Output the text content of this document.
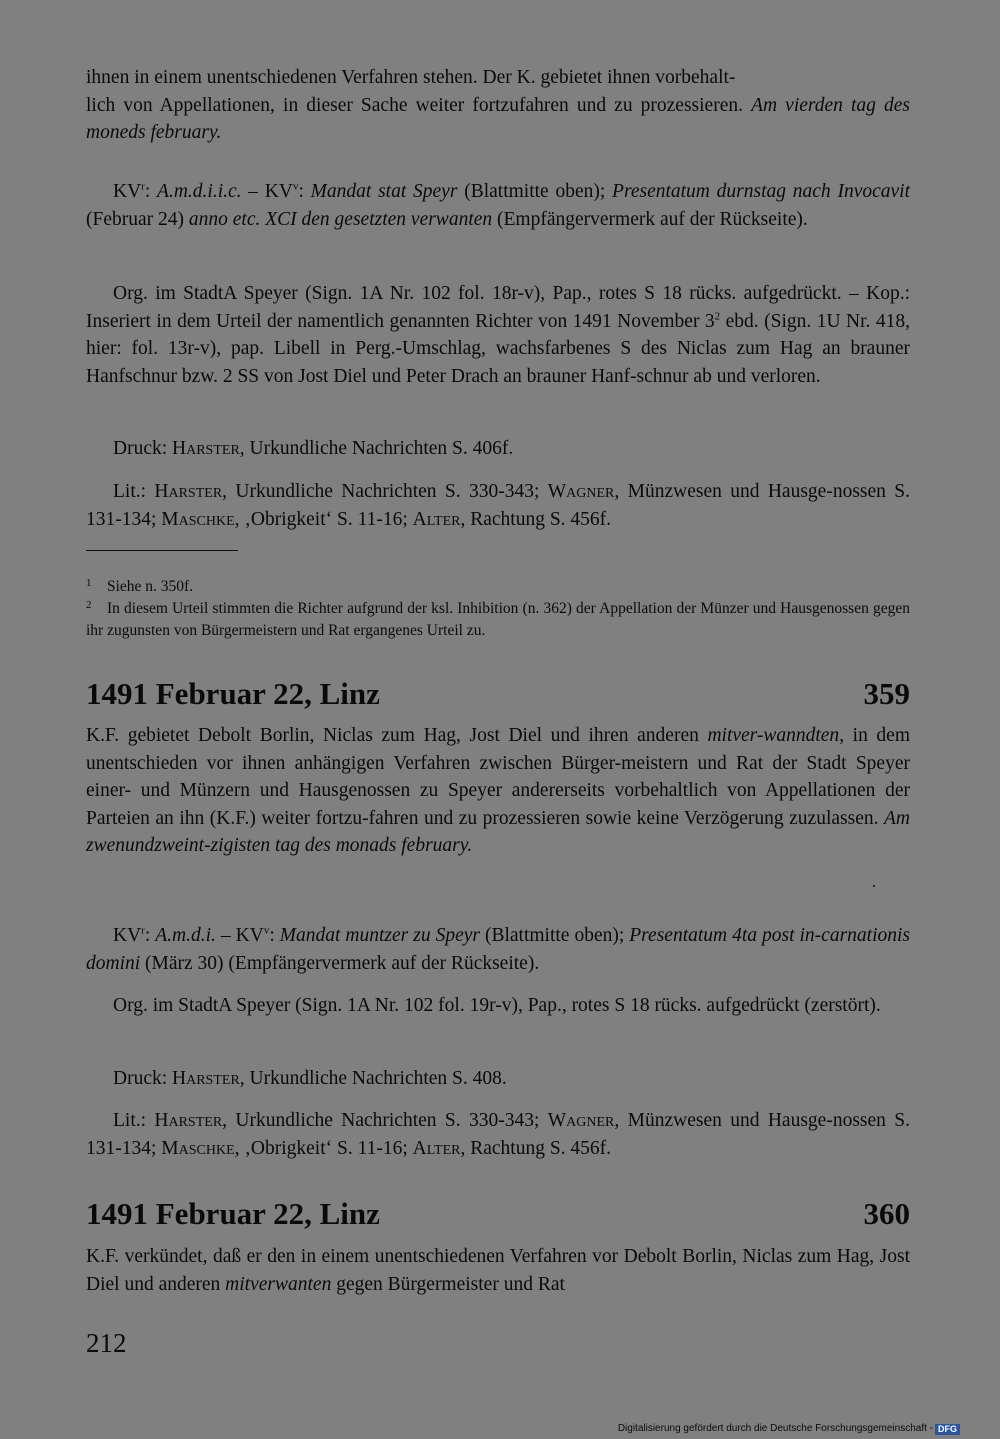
ihnen in einem unentschiedenen Verfahren stehen. Der K. gebietet ihnen vorbehalt-
lich von Appellationen, in dieser Sache weiter fortzufahren und zu prozessieren. Am vierden tag des moneds february.

$KV^r$: A.m.d.i.i.c. – $KV^v$: Mandat stat Speyr (Blattmitte oben); Presentatum durnstag nach Invocavit (Februar 24) anno etc. XCI den gesetzten verwanten (Empfängervermerk auf der Rückseite).

Org. im StadtA Speyer (Sign. 1A Nr. 102 fol. 18r-v), Pap., rotes S 18 rücks. aufgedrückt. – Kop.: Inseriert in dem Urteil der namentlich genannten Richter von 1491 November $3^2$ ebd. (Sign. 1U Nr. 418, hier: fol. 13r-v), pap. Libell in Perg.-Umschlag, wachsfarbenes S des Niclas zum Hag an brauner Hanfschnur bzw. 2 SS von Jost Diel und Peter Drach an brauner Hanf-schnur ab und verloren.

Druck: Harster, Urkundliche Nachrichten S. 406f.

Lit.: Harster, Urkundliche Nachrichten S. 330-343; Wagner, Münzwesen und Hausge-nossen S. 131-134; Maschke, ‚Obrigkeit‘ S. 11-16; Alter, Rachtung S. 456f.

1 Siehe n. 350f.
2	In diesem Urteil stimmten die Richter aufgrund der ksl. Inhibition (n. 362) der Appellation der Münzer und Hausgenossen gegen ihr zugunsten von Bürgermeistern und Rat ergangenes Urteil zu.
1491 Februar 22, Linz	359

K.F. gebietet Debolt Borlin, Niclas zum Hag, Jost Diel und ihren anderen mitver-wanndten, in dem unentschieden vor ihnen anhängigen Verfahren zwischen Bürger-meistern und Rat der Stadt Speyer einer- und Münzern und Hausgenossen zu Speyer andererseits vorbehaltlich von Appellationen der Parteien an ihn (K.F.) weiter fortzu-fahren und zu prozessieren sowie keine Verzögerung zuzulassen. Am zwenundzweint-zigisten tag des monads february.

$KV^r$: A.m.d.i. – $KV^v$: Mandat muntzer zu Speyr (Blattmitte oben); Presentatum 4ta post in-carnationis domini (März 30) (Empfängervermerk auf der Rückseite).

Org. im StadtA Speyer (Sign. 1A Nr. 102 fol. 19r-v), Pap., rotes S 18 rücks. aufgedrückt (zerstört).

Druck: Harster, Urkundliche Nachrichten S. 408.

Lit.: Harster, Urkundliche Nachrichten S. 330-343; Wagner, Münzwesen und Hausge-nossen S. 131-134; Maschke, ‚Obrigkeit‘ S. 11-16; Alter, Rachtung S. 456f.

1491 Februar 22, Linz	360

K.F. verkündet, daß er den in einem unentschiedenen Verfahren vor Debolt Borlin, Niclas zum Hag, Jost Diel und anderen mitverwanten gegen Bürgermeister und Rat

212
Digitalisierung gefördert durch die Deutsche Forschungsgemeinschaft - DFG
